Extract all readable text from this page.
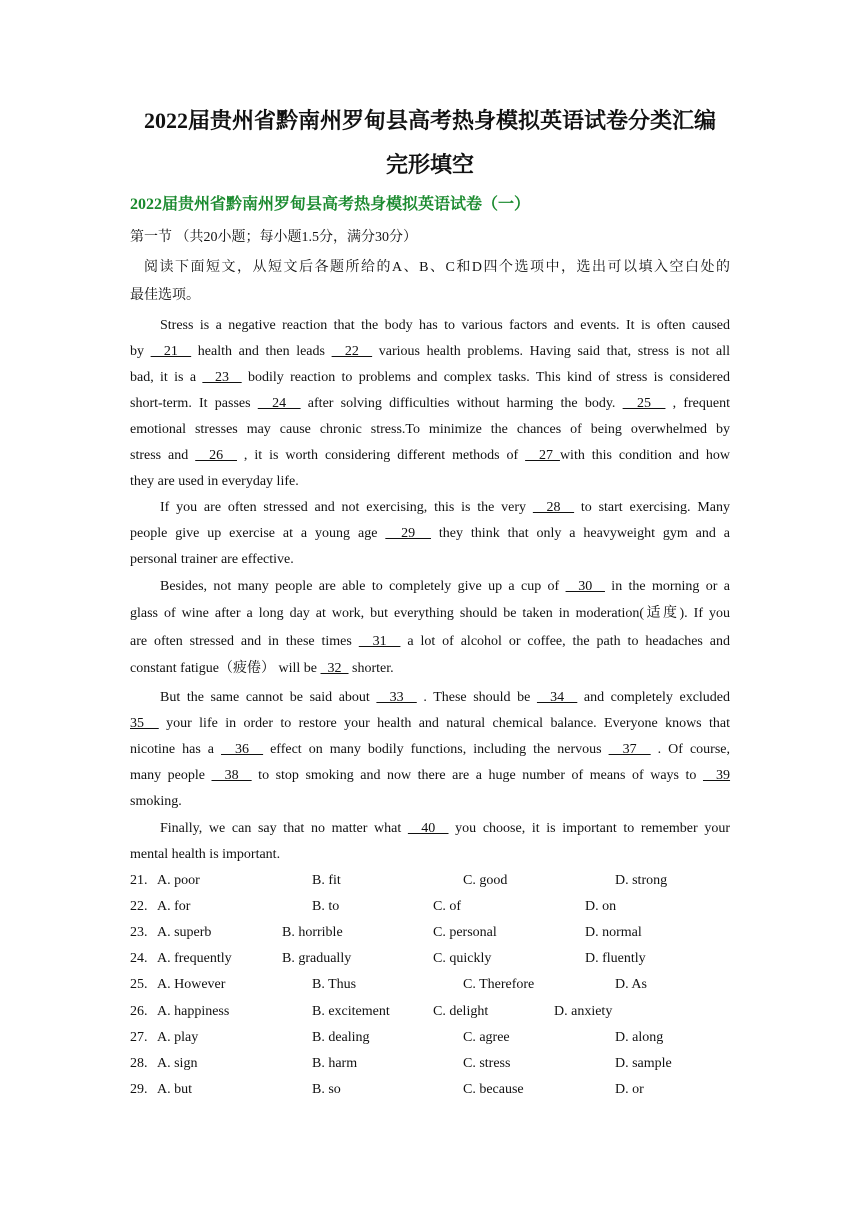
2022届贵州省黔南州罗甸县高考热身模拟英语试卷分类汇编
完形填空
2022届贵州省黔南州罗甸县高考热身模拟英语试卷（一）
第一节 （共20小题；每小题1.5分，满分30分）
阅读下面短文，从短文后各题所给的A、B、C和D四个选项中，选出可以填入空白处的
最佳选项。
Stress is a negative reaction that the body has to various factors and events. It is often caused
by   21   health and then leads   22   various health problems. Having said that, stress is not all
bad, it is a   23   bodily reaction to problems and complex tasks. This kind of stress is considered
short-term. It passes   24   after solving difficulties without harming the body.   25   , frequent
emotional stresses may cause chronic stress.To minimize the chances of being overwhelmed by
stress and   26   , it is worth considering different methods of   27 with this condition and how
they are used in everyday life.
If you are often stressed and not exercising, this is the very   28   to start exercising. Many
people give up exercise at a young age   29   they think that only a heavyweight gym and a
personal trainer are effective.
Besides, not many people are able to completely give up a cup of   30   in the morning or a
glass of wine after a long day at work, but everything should be taken in moderation(适度). If you
are often stressed and in these times   31   a lot of alcohol or coffee, the path to headaches and
constant fatigue（疲倦） will be   32   shorter.
But the same cannot be said about   33   . These should be   34   and completely excluded
35   your life in order to restore your health and natural chemical balance. Everyone knows that
nicotine has a   36   effect on many bodily functions, including the nervous   37   . Of course,
many people   38   to stop smoking and now there are a huge number of means of ways to   39
smoking.
Finally, we can say that no matter what   40   you choose, it is important to remember your
mental health is important.
21. A. poor	B. fit	C. good	D. strong
22. A. for	B. to	C. of	D. on
23. A. superb	B. horrible	C. personal	D. normal
24. A. frequently	B. gradually	C. quickly	D. fluently
25. A. However	B. Thus	C. Therefore	D. As
26. A. happiness	B. excitement	C. delight	D. anxiety
27. A. play	B. dealing	C. agree	D. along
28. A. sign	B. harm	C. stress	D. sample
29. A. but	B. so	C. because	D. or
